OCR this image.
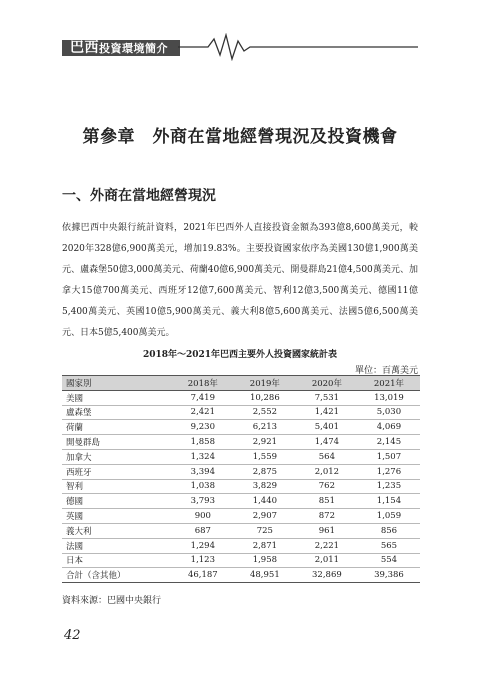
巴西投資環境簡介
第參章　外商在當地經營現況及投資機會
一、外商在當地經營現況

依據巴西中央銀行統計資料，2021年巴西外人直接投資金額為393億8,600萬美元，較2020年328億6,900萬美元，增加19.83%。主要投資國家依序為美國130億1,900萬美元、盧森堡50億3,000萬美元、荷蘭40億6,900萬美元、開曼群島21億4,500萬美元、加拿大15億700萬美元、西班牙12億7,600萬美元、智利12億3,500萬美元、德國11億5,400萬美元、英國10億5,900萬美元、義大利8億5,600萬美元、法國5億6,500萬美元、日本5億5,400萬美元。

2018年～2021年巴西主要外人投資國家統計表
單位：百萬美元
國家別	2018年	2019年	2020年	2021年
美國	7,419	10,286	7,531	13,019
盧森堡	2,421	2,552	1,421	5,030
荷蘭	9,230	6,213	5,401	4,069
開曼群島	1,858	2,921	1,474	2,145
加拿大	1,324	1,559	564	1,507
西班牙	3,394	2,875	2,012	1,276
智利	1,038	3,829	762	1,235
德國	3,793	1,440	851	1,154
英國	900	2,907	872	1,059
義大利	687	725	961	856
法國	1,294	2,871	2,221	565
日本	1,123	1,958	2,011	554
合計（含其他）	46,187	48,951	32,869	39,386
資料來源：巴國中央銀行
42
